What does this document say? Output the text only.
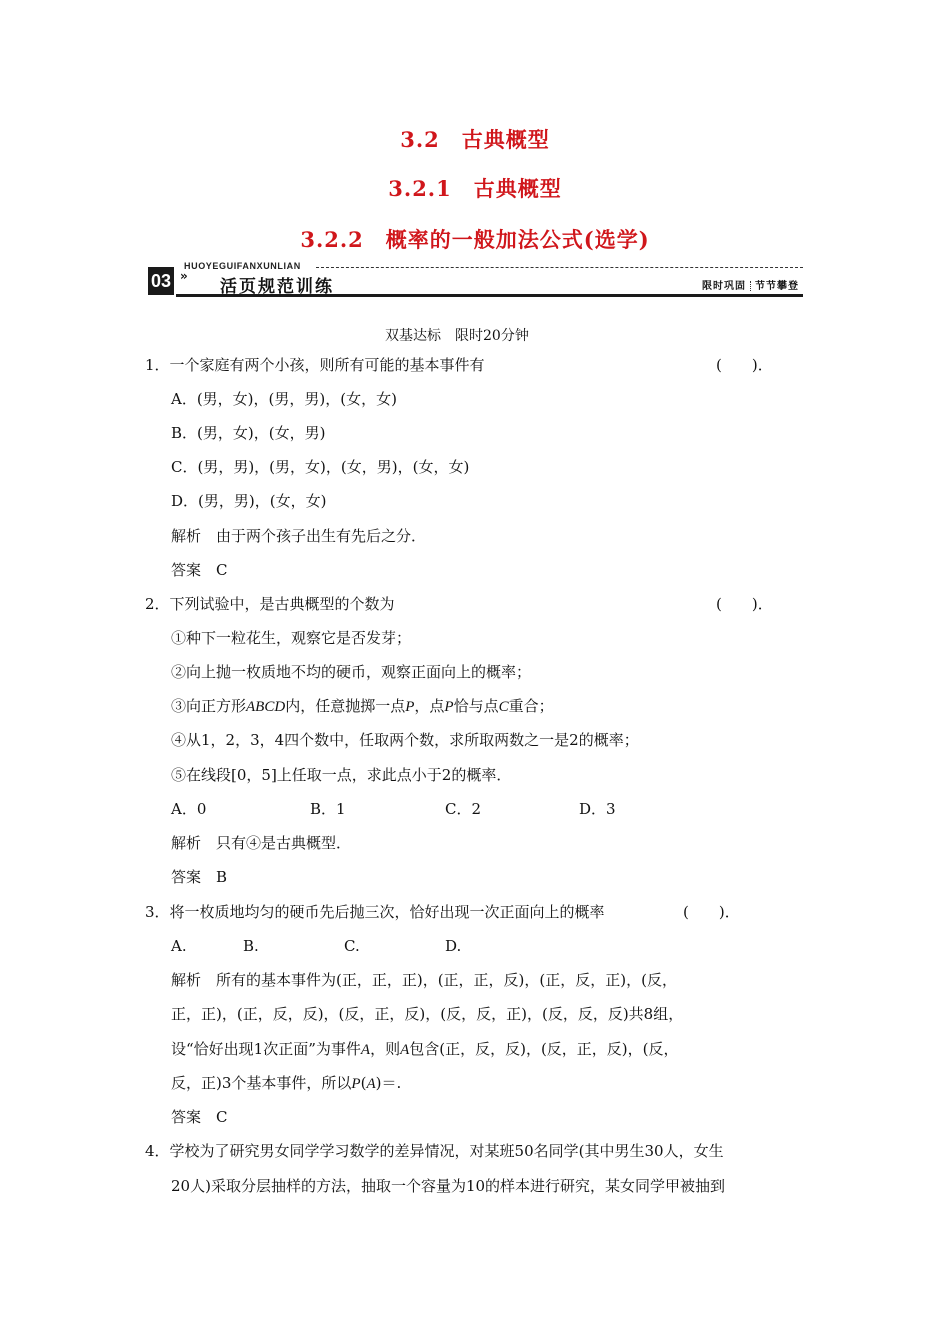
3.2　古典概型
3.2.1　古典概型
3.2.2　概率的一般加法公式(选学)
HUOYEGUIFANXUNLIAN
03 »
活页规范训练	限时巩固 节节攀登
双基达标　限时20分钟
1．一个家庭有两个小孩，则所有可能的基本事件有	(　　)．
A．(男，女)，(男，男)，(女，女)
B．(男，女)，(女，男)
C．(男，男)，(男，女)，(女，男)，(女，女)
D．(男，男)，(女，女)
解析　由于两个孩子出生有先后之分．
答案　C
2．下列试验中，是古典概型的个数为	(　　)．
①种下一粒花生，观察它是否发芽；
②向上抛一枚质地不均的硬币，观察正面向上的概率；
③向正方形ABCD内，任意抛掷一点P，点P恰与点C重合；
④从1，2，3，4四个数中，任取两个数，求所取两数之一是2的概率；
⑤在线段[0，5]上任取一点，求此点小于2的概率．
A．0	B．1	C．2	D．3
解析　只有④是古典概型．
答案　B
3．将一枚质地均匀的硬币先后抛三次，恰好出现一次正面向上的概率	(　　)．
A.	B.	C.	D.
解析　所有的基本事件为(正，正，正)，(正，正，反)，(正，反，正)，(反，
正，正)，(正，反，反)，(反，正，反)，(反，反，正)，(反，反，反)共8组，
设“恰好出现1次正面”为事件A，则A包含(正，反，反)，(反，正，反)，(反，
反，正)3个基本事件，所以P(A)＝.
答案　C
4．学校为了研究男女同学学习数学的差异情况，对某班50名同学(其中男生30人，女生
20人)采取分层抽样的方法，抽取一个容量为10的样本进行研究，某女同学甲被抽到
